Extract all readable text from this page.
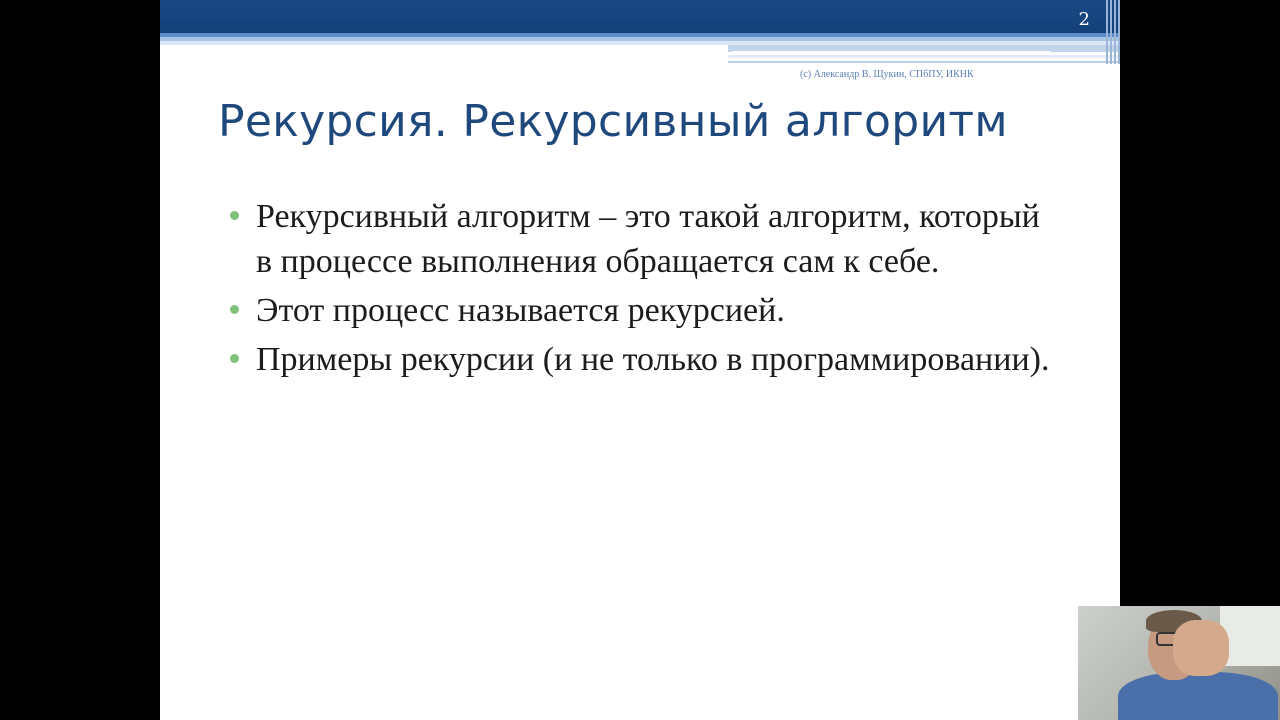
2
(с) Александр В. Щукин, СПбПУ, ИКНК
Рекурсия. Рекурсивный алгоритм
Рекурсивный алгоритм – это такой алгоритм, который в процессе выполнения обращается сам к себе.
Этот процесс называется рекурсией.
Примеры рекурсии (и не только в программировании).
